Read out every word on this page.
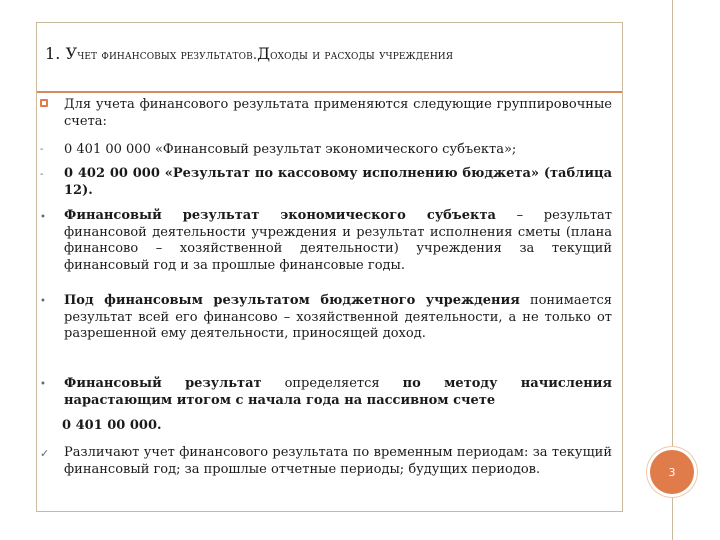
1. Учет финансовых результатов.Доходы и расходы учреждения
Для учета финансового результата применяются следующие группировочные счета:
- 0 401 00 000 «Финансовый результат экономического субъекта»;
- 0 402 00 000 «Результат по кассовому исполнению бюджета» (таблица 12).
• Финансовый результат экономического субъекта – результат финансовой деятельности учреждения и результат исполнения сметы (плана финансово – хозяйственной деятельности) учреждения за текущий финансовый год и за прошлые финансовые годы.
• Под финансовым результатом бюджетного учреждения понимается результат всей его финансово – хозяйственной деятельности, а не только от разрешенной ему деятельности, приносящей доход.
• Финансовый результат определяется по методу начисления нарастающим итогом с начала года на пассивном счете
0 401 00 000.
✓ Различают учет финансового результата по временным периодам: за текущий финансовый год; за прошлые отчетные периоды; будущих периодов.	3
